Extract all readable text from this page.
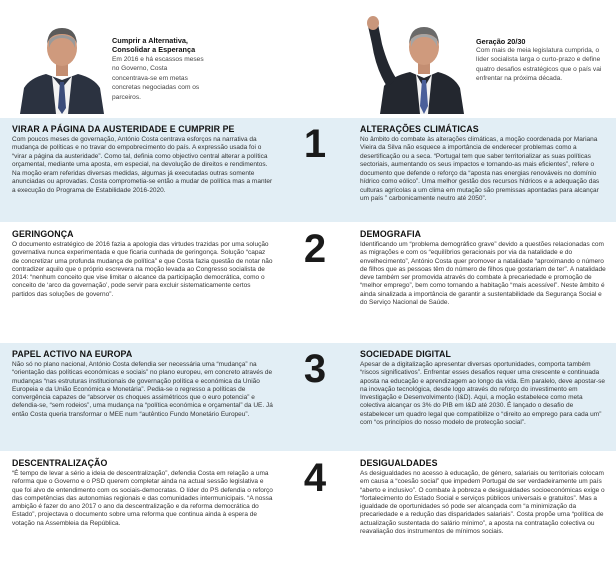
Cumprir a Alternativa,
Consolidar a Esperança
Em 2016 e há escassos meses no Governo, Costa concentrava-se em metas concretas negociadas com os parceiros.
Geração 20/30
Com mais de meia legislatura cumprida, o líder socialista larga o curto-prazo e define quatro desafios estratégicos que o país vai enfrentar na próxima década.
VIRAR A PÁGINA DA AUSTERIDADE E CUMPRIR PE
Com poucos meses de governação, António Costa centrava esforços na narrativa da mudança de políticas e no travar do empobrecimento do país. A expressão usada foi o “virar a página da austeridade”. Como tal, definia como objectivo central alterar a política orçamental, mediante uma aposta, em especial, na devolução de direitos e rendimentos. Na moção eram referidas diversas medidas, algumas já executadas outras somente anunciadas ou aprovadas. Costa comprometia-se então a mudar de política mas a manter a execução do Programa de Estabilidade 2016-2020.
1	ALTERAÇÕES CLIMÁTICAS
No âmbito do combate às alterações climáticas, a moção coordenada por Mariana Vieira da Silva não esquece a importância de enderecer problemas como a desertificação ou a seca. “Portugal tem que saber territorializar as suas políticas sectoriais, aumentando os seus impactos e tornando-as mais eficientes”, refere o documento que defende o reforço da “aposta nas energias renováveis no domínio hídrico como eólico”. Uma melhor gestão dos recursos hídricos e a adequação das culturas agrícolas a um clima em mutação são premissas apontadas para alcançar um país ” carbonicamente neutro até 2050”.
GERINGONÇA
O documento estratégico de 2016 fazia a apologia das virtudes trazidas por uma solução governativa nunca experimentada e que ficaria cunhada de geringonça. Solução “capaz de concretizar uma profunda mudança de política” e que Costa fazia questão de notar não contradizer aquilo que o próprio escrevera na moção levada ao Congresso socialista de 2014: “nenhum conceito que vise limitar o alcance da participação democrática, como o conceito de ‘arco da governação’, pode servir para excluir sistematicamente certos partidos das soluções de governo”.
2	DEMOGRAFIA
Identificando um “problema demográfico grave” devido a questões relacionadas com as migrações e com os “equilíbrios geracionais por via da natalidade e do envelhecimento”, António Costa quer promover a natalidade “aproximando o número de filhos que as pessoas têm do número de filhos que gostariam de ter”. A natalidade deve também ser promovida através do combate à precariedade e promoção de “melhor emprego”, bem como tornando a habitação “mais acessível”. Neste âmbito é ainda sinalizada a importância de garantir a sustentabilidade da Segurança Social e do Serviço Nacional de Saúde.
PAPEL ACTIVO NA EUROPA
Não só no plano nacional, António Costa defendia ser necessária uma “mudança” na “orientação das políticas económicas e sociais” no plano europeu, em concreto através de mudanças “nas estruturas institucionais de governação política e económica da União Europeia e da União Económica e Monetária”. Pedia-se o regresso a políticas de convergência capazes de “absorver os choques assimétricos que o euro potencia” e defendia-se, “sem rodeios”, uma mudança na “política económica e orçamental” da UE. Já então Costa queria transformar o MEE num “autêntico Fundo Monetário Europeu”.
3	SOCIEDADE DIGITAL
Apesar de a digitalização apresentar diversas oportunidades, comporta também “riscos significativos”. Enfrentar esses desafios requer uma crescente e continuada aposta na educação e aprendizagem ao longo da vida. Em paralelo, deve apostar-se na inovação tecnológica, desde logo através do reforço do investimento em Investigação e Desenvolvimento (I&D). Aqui, a moção estabelece como meta colectiva alcançar os 3% do PIB em I&D até 2030. É lançado o desafio de estabelecer um quadro legal que compatibilize o “direito ao emprego para cada um” com “os princípios do nosso modelo de protecção social”.
DESCENTRALIZAÇÃO
“É tempo de levar a sério a ideia de descentralização”, defendia Costa em relação a uma reforma que o Governo e o PSD querem completar ainda na actual sessão legislativa e que foi alvo de entendimento com os sociais-democratas. O líder do PS defendia o reforço das competências das autonomias regionais e das comunidades intermunicipais. “A nossa ambição é fazer do ano 2017 o ano da descentralização e da reforma democrática do Estado”, projectava o documento sobre uma reforma que continua ainda à espera de votação na Assembleia da República.
4	DESIGUALDADES
As desigualdades no acesso à educação, de género, salariais ou territoriais colocam em causa a “coesão social” que impedem Portugal de ser verdadeiramente um país “aberto e inclusivo”. O combate à pobreza e desigualdades socioeconómicas exige o “fortalecimento do Estado Social e serviços públicos universais e gratuitos”. Mas a igualdade de oportunidades só pode ser alcançada com “a minimização da precariedade e a redução das disparidades salariais”. Costa propõe uma “política de actualização sustentada do salário mínimo”, a aposta na contratação colectiva ou reavaliação dos instrumentos de mínimos sociais.
